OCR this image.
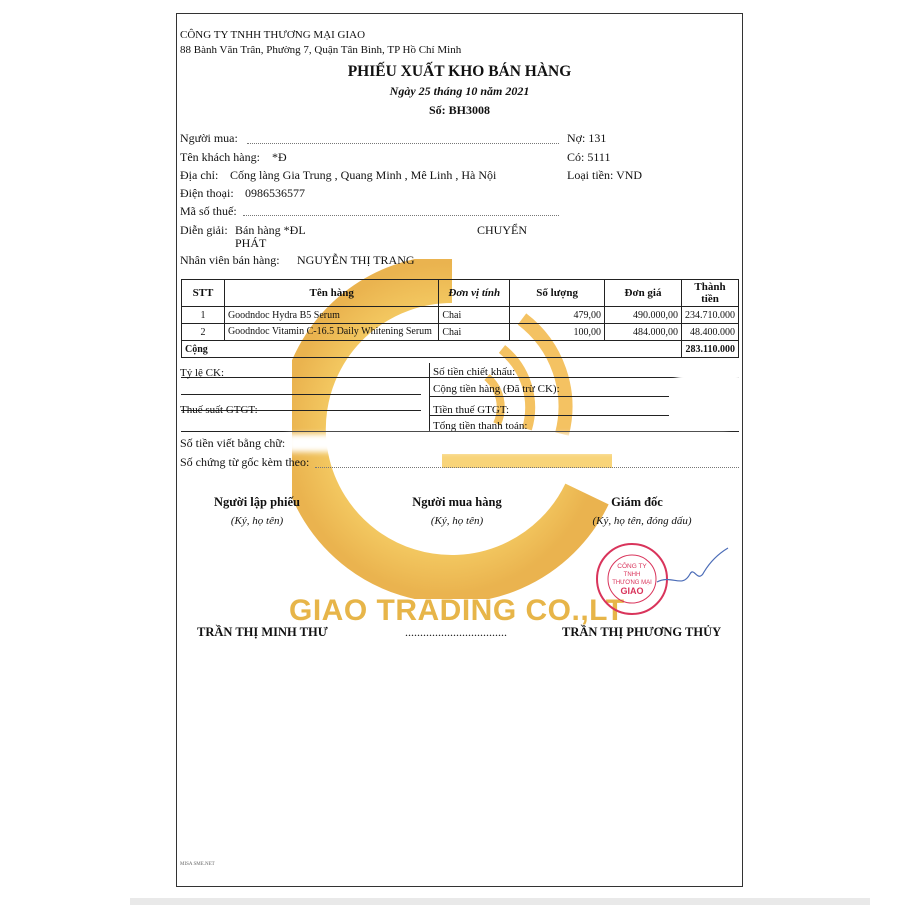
GIAO TRADING CO.,LT
CÔNG TY TNHH THƯƠNG MẠI GIAO
88 Bành Văn Trân, Phường 7, Quận Tân Bình, TP Hồ Chí Minh
PHIẾU XUẤT KHO BÁN HÀNG
Ngày 25 tháng 10 năm 2021
Số: BH3008
Người mua:	Nợ: 131
Tên khách hàng: *Đ	Có: 5111
Địa chỉ: Cống làng Gia Trung , Quang Minh , Mê Linh , Hà Nội	Loại tiền: VND
Điện thoại: 0986536577
Mã số thuế:
Diễn giải: Bán hàng *ĐL	CHUYỂN
PHÁT
Nhân viên bán hàng: NGUYỄN THỊ TRANG
STT	Tên hàng	Đơn vị tính	Số lượng	Đơn giá	Thành tiền
1	Goodndoc Hydra B5 Serum	Chai	479,00	490.000,00	234.710.000
2	Goodndoc Vitamin C-16.5 Daily Whitening Serum	Chai	100,00	484.000,00	48.400.000
Cộng					283.110.000
Tỷ lệ CK:	Số tiền chiết khấu:
Cộng tiền hàng (Đã trừ CK):
Thuế suất GTGT:	Tiền thuế GTGT:
Tổng tiền thanh toán:
Số tiền viết bằng chữ:
Số chứng từ gốc kèm theo:
Người lập phiếu
(Ký, họ tên)
Người mua hàng
(Ký, họ tên)
Giám đốc
(Ký, họ tên, đóng dấu)
CÔNG TY
TNHH
THƯƠNG MẠI
GIAO
TRẦN THỊ MINH THƯ	..................................	TRẦN THỊ PHƯƠNG THỦY
MISA SME.NET
